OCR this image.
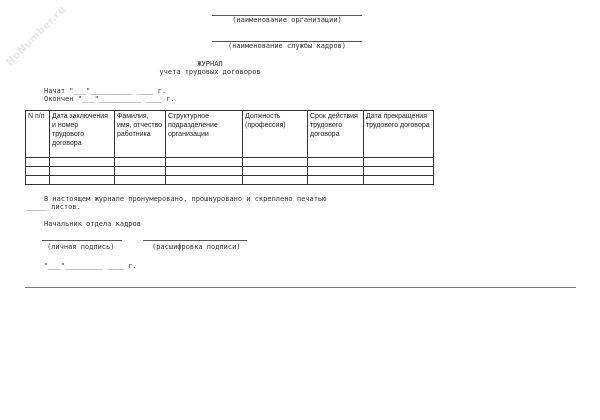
NoNumber.ru	(наименование организации)
(наименование службы кадров)
ЖУРНАЛ
учета трудовых договоров
Начат "___"__________ ____ г.
Окончен "___"__________ ____ г.
N п/п	Дата заключения и номер трудового договора	Фамилия, имя, отчество работника	Структурное подразделение организации	Должность (профессия)	Срок действия трудового договора	Дата прекращения трудового договора

В настоящем журнале пронумеровано, прошнуровано и скреплено печатью
_____ листов.
Начальник отдела кадров
(личная подпись)	(расшифровка подписи)
"___"_________ ____ г.
